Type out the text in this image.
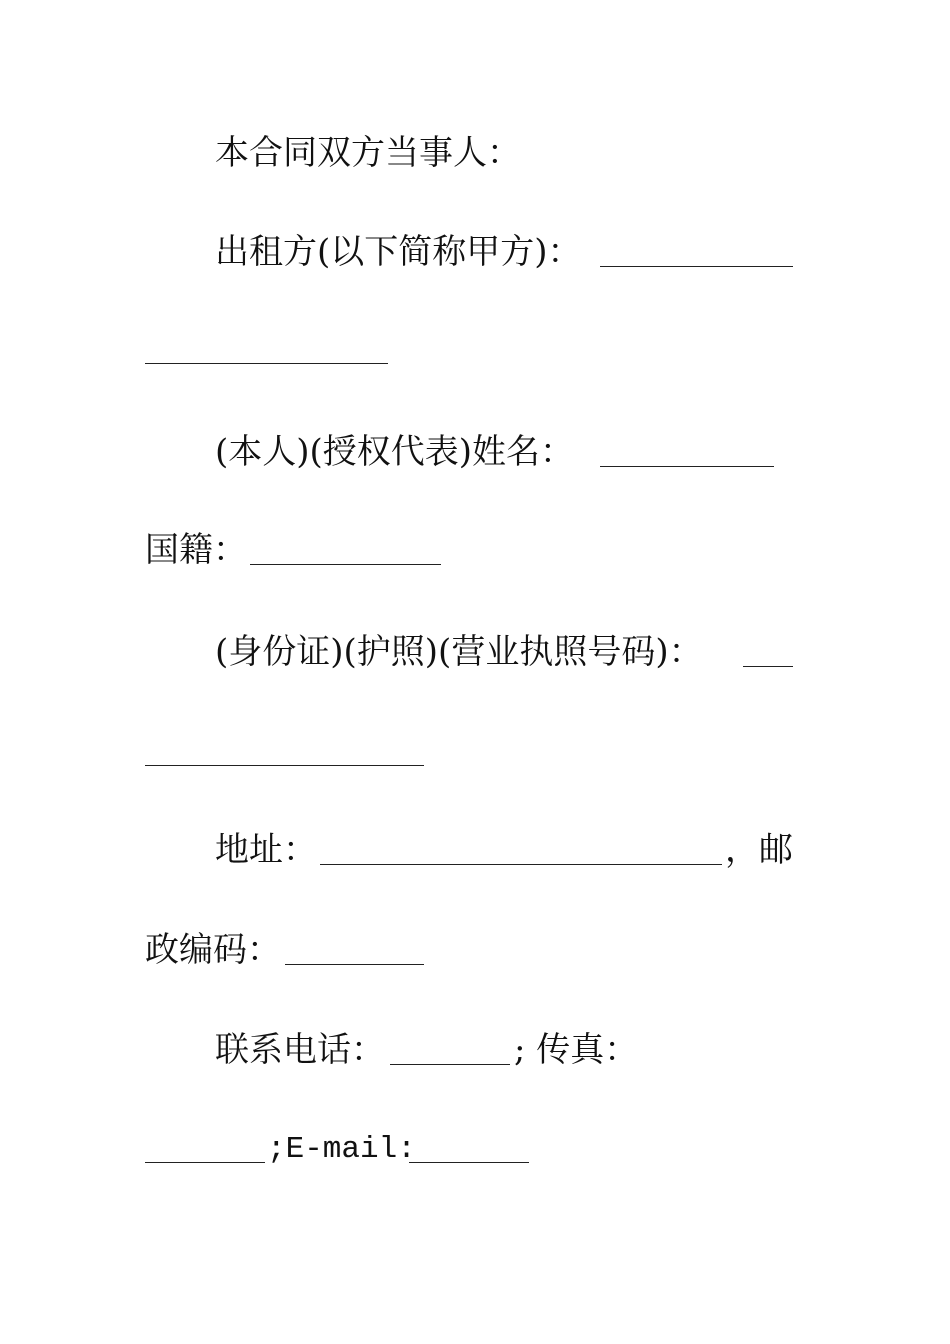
本合同双方当事人：
出租方(以下简称甲方)：
(本人)(授权代表)姓名：
国籍：
(身份证)(护照)(营业执照号码)：
地址：	，邮
政编码：
联系电话：	; 传真：
;E-mail:
